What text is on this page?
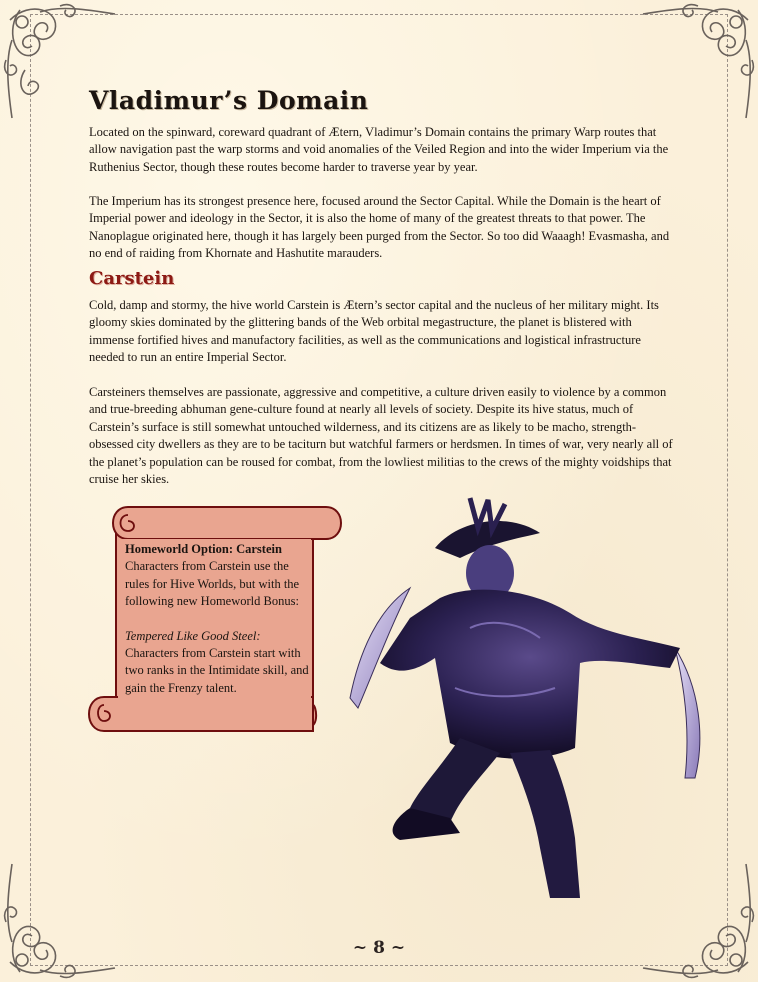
Vladimur’s Domain

Located on the spinward, coreward quadrant of Ætern, Vladimur’s Domain contains the primary Warp routes that allow navigation past the warp storms and void anomalies of the Veiled Region and into the wider Imperium via the Ruthenius Sector, though these routes become harder to traverse year by year.

The Imperium has its strongest presence here, focused around the Sector Capital. While the Domain is the heart of Imperial power and ideology in the Sector, it is also the home of many of the greatest threats to that power. The Nanoplague originated here, though it has largely been purged from the Sector. So too did Waaagh! Evasmasha, and no end of raiding from Khornate and Hashutite marauders.

Carstein

Cold, damp and stormy, the hive world Carstein is Ætern’s sector capital and the nucleus of her military might. Its gloomy skies dominated by the glittering bands of the Web orbital megastructure, the planet is blistered with immense fortified hives and manufactory facilities, as well as the communications and logistical infrastructure needed to run an entire Imperial Sector.

Carsteiners themselves are passionate, aggressive and competitive, a culture driven easily to violence by a common and true-breeding abhuman gene-culture found at nearly all levels of society. Despite its hive status, much of Carstein’s surface is still somewhat untouched wilderness, and its citizens are as likely to be macho, strength-obsessed city dwellers as they are to be taciturn but watchful farmers or herdsmen. In times of war, very nearly all of the planet’s population can be roused for combat, from the lowliest militias to the crews of the mighty voidships that cruise her skies.

Homeworld Option: Carstein
Characters from Carstein use the rules for Hive Worlds, but with the following new Homeworld Bonus:
Tempered Like Good Steel:
Characters from Carstein start with two ranks in the Intimidate skill, and gain the Frenzy talent.
~ 8 ~
